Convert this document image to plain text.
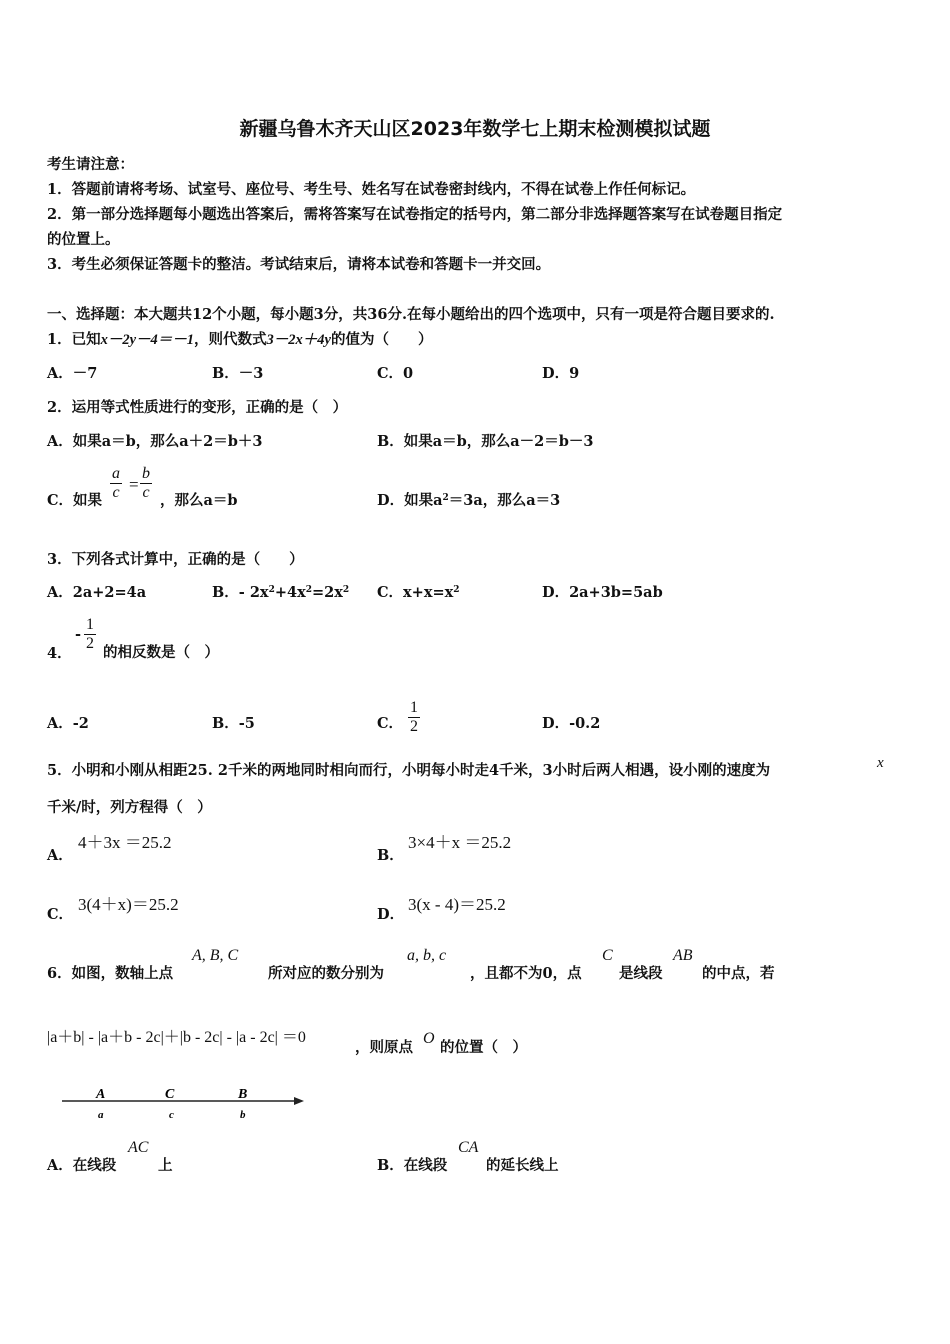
新疆乌鲁木齐天山区2023年数学七上期末检测模拟试题
考生请注意：
1．答题前请将考场、试室号、座位号、考生号、姓名写在试卷密封线内，不得在试卷上作任何标记。
2．第一部分选择题每小题选出答案后，需将答案写在试卷指定的括号内，第二部分非选择题答案写在试卷题目指定
的位置上。
3．考生必须保证答题卡的整洁。考试结束后，请将本试卷和答题卡一并交回。
一、选择题：本大题共12个小题，每小题3分，共36分.在每小题给出的四个选项中，只有一项是符合题目要求的.
1．已知x－2y－4＝－1，则代数式3－2x＋4y的值为（　　）
A．－7	B．－3	C．0	D．9
2．运用等式性质进行的变形，正确的是（　）
A．如果a＝b，那么a＋2＝b＋3	B．如果a＝b，那么a－2＝b－3
C．如果 $\frac{a}{c} = \frac{b}{c}$ ，那么a＝b	D．如果$a^2=3a$，那么a＝3
3．下列各式计算中，正确的是（　　）
A．2a+2=4a	B．- $2x^2+4x^2=2x^2$ C．$x+x=x^2$	D．2a+3b=5ab
4．
- $\frac{1}{2}$ 的相反数是（　）
A．-2	B．-5	C． $\frac{1}{2}$	D．-0.2
5．小明和小刚从相距25. 2千米的两地同时相向而行，小明每小时走4千米，3小时后两人相遇，设小刚的速度为	x
千米/时，列方程得（　）
A．
4＋3x ＝25.2
B．
3×4＋x ＝25.2
C．
3(4＋x)＝25.2
D．
3(x - 4)＝25.2
6．如图，数轴上点
A, B, C
所对应的数分别为
a, b, c
，且都不为0，点
C
是线段
AB
的中点，若
|a＋b| - |a＋b - 2c|＋|b - 2c| - |a - 2c| ＝0
，则原点
O
的位置（　）
A	C	B
a	c	b
A．在线段
AC
上	B．在线段
CA
的延长线上
